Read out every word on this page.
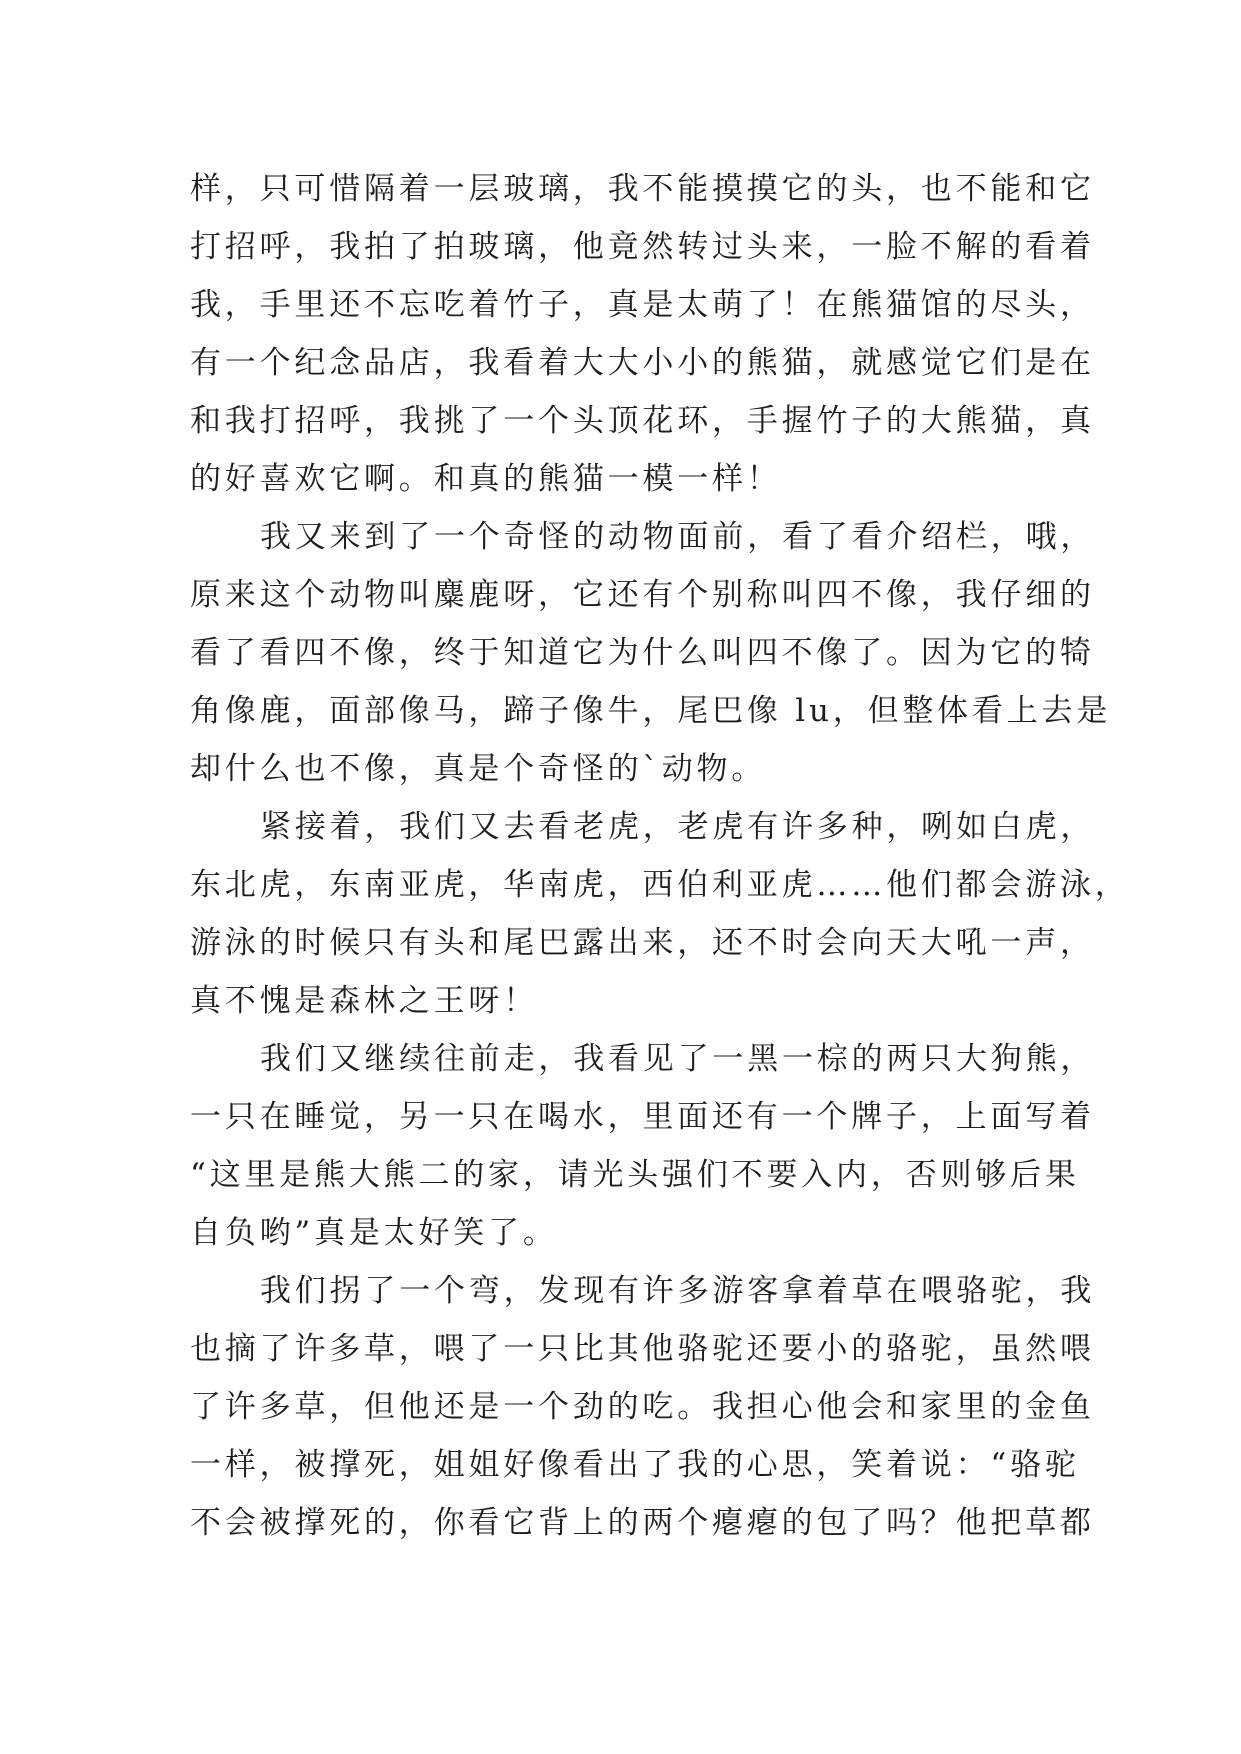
样，只可惜隔着一层玻璃，我不能摸摸它的头，也不能和它
打招呼，我拍了拍玻璃，他竟然转过头来，一脸不解的看着
我，手里还不忘吃着竹子，真是太萌了！在熊猫馆的尽头，
有一个纪念品店，我看着大大小小的熊猫，就感觉它们是在
和我打招呼，我挑了一个头顶花环，手握竹子的大熊猫，真
的好喜欢它啊。和真的熊猫一模一样！
我又来到了一个奇怪的动物面前，看了看介绍栏，哦，
原来这个动物叫麋鹿呀，它还有个别称叫四不像，我仔细的
看了看四不像，终于知道它为什么叫四不像了。因为它的犄
角像鹿，面部像马，蹄子像牛，尾巴像 lu，但整体看上去是
却什么也不像，真是个奇怪的`动物。
紧接着，我们又去看老虎，老虎有许多种，咧如白虎，
东北虎，东南亚虎，华南虎，西伯利亚虎……他们都会游泳，
游泳的时候只有头和尾巴露出来，还不时会向天大吼一声，
真不愧是森林之王呀！
我们又继续往前走，我看见了一黑一棕的两只大狗熊，
一只在睡觉，另一只在喝水，里面还有一个牌子，上面写着
“这里是熊大熊二的家，请光头强们不要入内，否则够后果
自负哟”真是太好笑了。
我们拐了一个弯，发现有许多游客拿着草在喂骆驼，我
也摘了许多草，喂了一只比其他骆驼还要小的骆驼，虽然喂
了许多草，但他还是一个劲的吃。我担心他会和家里的金鱼
一样，被撑死，姐姐好像看出了我的心思，笑着说：“骆驼
不会被撑死的，你看它背上的两个瘪瘪的包了吗？他把草都
